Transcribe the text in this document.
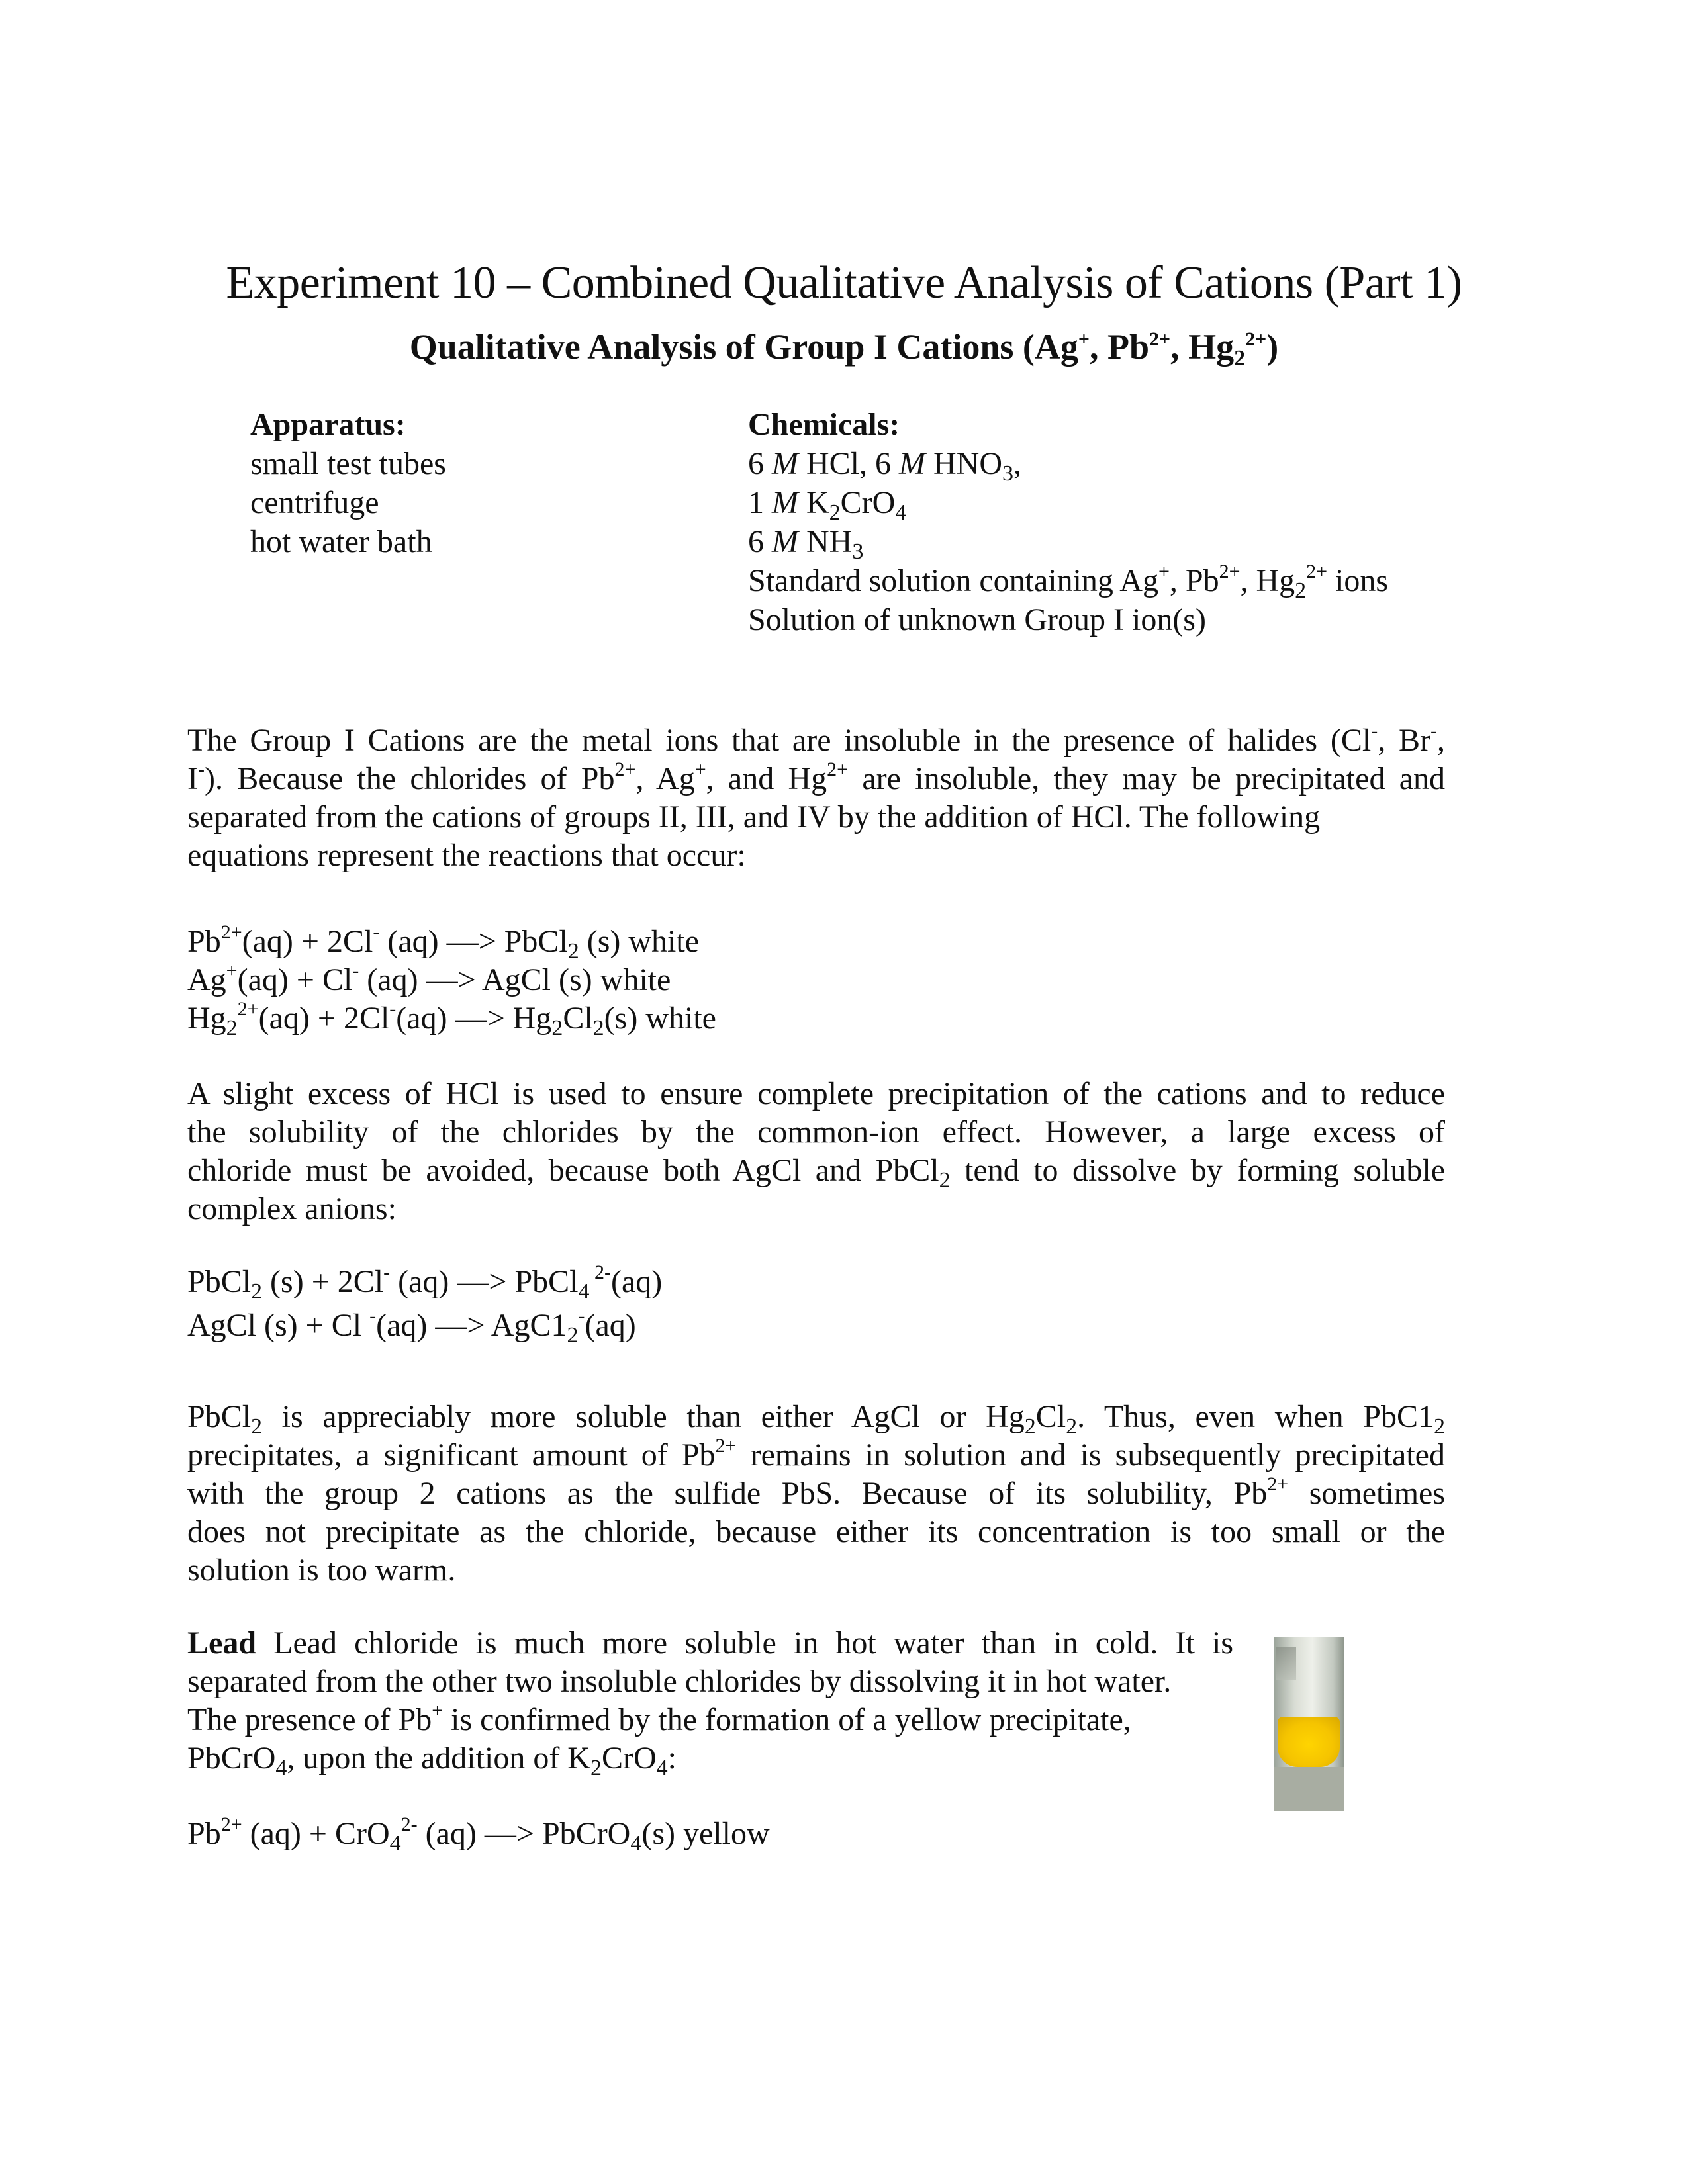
Experiment 10 – Combined Qualitative Analysis of Cations (Part 1)
Qualitative Analysis of Group I Cations (Ag+, $Pb^{2+}$, $Hg_2^{2+}$)
Apparatus:
small test tubes
centrifuge
hot water bath
Chemicals:
6 M HCl, 6 M $HNO_3$,
1 M $K_2CrO_4$
6 M $NH_3$
Standard solution containing Ag+, $Pb^{2+}$, $Hg_2^{2+}$ ions
Solution of unknown Group I ion(s)
The Group I Cations are the metal ions that are insoluble in the presence of halides (Cl-, Br-,
I-). Because the chlorides of $Pb^{2+}$, Ag+, and $Hg^{2+}$ are insoluble, they may be precipitated and
separated from the cations of groups II, III, and IV by the addition of HCl. The following
equations represent the reactions that occur:
$Pb^{2+}(aq) + 2Cl^-$ (aq) —> PbCl$_2$ (s) white
Ag+(aq) + Cl- (aq) —> AgCl (s) white
$Hg_2^{2+}(aq) + 2Cl^-(aq)$ —> $Hg_2Cl_2(s)$ white
A slight excess of HCl is used to ensure complete precipitation of the cations and to reduce
the solubility of the chlorides by the common-ion effect. However, a large excess of
chloride must be avoided, because both AgCl and PbCl$_2$ tend to dissolve by forming soluble
complex anions:
PbCl$_2$ (s) + 2Cl- (aq) —> PbCl$_4$ $^{2-}$(aq)
AgCl (s) + Cl -(aq) —> $AgC1_2^-(aq)$
PbCl$_2$ is appreciably more soluble than either AgCl or $Hg_2Cl_2$. Thus, even when $PbC1_2$
precipitates, a significant amount of $Pb^{2+}$ remains in solution and is subsequently precipitated
with the group 2 cations as the sulfide PbS. Because of its solubility, $Pb^{2+}$ sometimes
does not precipitate as the chloride, because either its concentration is too small or the
solution is too warm.
Lead Lead chloride is much more soluble in hot water than in cold. It is
separated from the other two insoluble chlorides by dissolving it in hot water.
The presence of Pb+ is confirmed by the formation of a yellow precipitate,
PbCrO$_4$, upon the addition of $K_2CrO_4$:
$Pb^{2+}$ (aq) + CrO$_4^{2-}$ (aq) —> PbCrO$_4$(s) yellow
